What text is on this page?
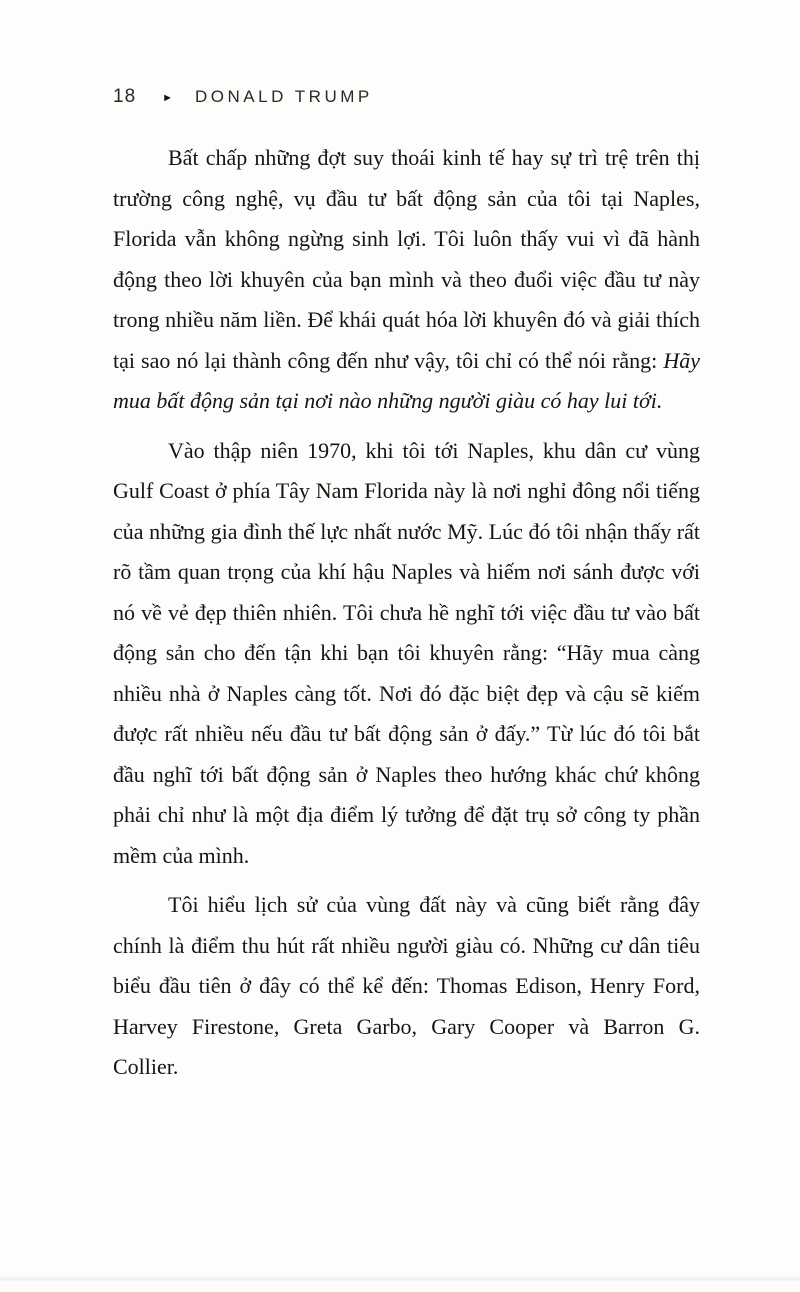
18 ► DONALD TRUMP

Bất chấp những đợt suy thoái kinh tế hay sự trì trệ trên thị trường công nghệ, vụ đầu tư bất động sản của tôi tại Naples, Florida vẫn không ngừng sinh lợi. Tôi luôn thấy vui vì đã hành động theo lời khuyên của bạn mình và theo đuổi việc đầu tư này trong nhiều năm liền. Để khái quát hóa lời khuyên đó và giải thích tại sao nó lại thành công đến như vậy, tôi chỉ có thể nói rằng: Hãy mua bất động sản tại nơi nào những người giàu có hay lui tới.

Vào thập niên 1970, khi tôi tới Naples, khu dân cư vùng Gulf Coast ở phía Tây Nam Florida này là nơi nghỉ đông nổi tiếng của những gia đình thế lực nhất nước Mỹ. Lúc đó tôi nhận thấy rất rõ tầm quan trọng của khí hậu Naples và hiếm nơi sánh được với nó về vẻ đẹp thiên nhiên. Tôi chưa hề nghĩ tới việc đầu tư vào bất động sản cho đến tận khi bạn tôi khuyên rằng: “Hãy mua càng nhiều nhà ở Naples càng tốt. Nơi đó đặc biệt đẹp và cậu sẽ kiếm được rất nhiều nếu đầu tư bất động sản ở đấy.” Từ lúc đó tôi bắt đầu nghĩ tới bất động sản ở Naples theo hướng khác chứ không phải chỉ như là một địa điểm lý tưởng để đặt trụ sở công ty phần mềm của mình.

Tôi hiểu lịch sử của vùng đất này và cũng biết rằng đây chính là điểm thu hút rất nhiều người giàu có. Những cư dân tiêu biểu đầu tiên ở đây có thể kể đến: Thomas Edison, Henry Ford, Harvey Firestone, Greta Garbo, Gary Cooper và Barron G. Collier.
